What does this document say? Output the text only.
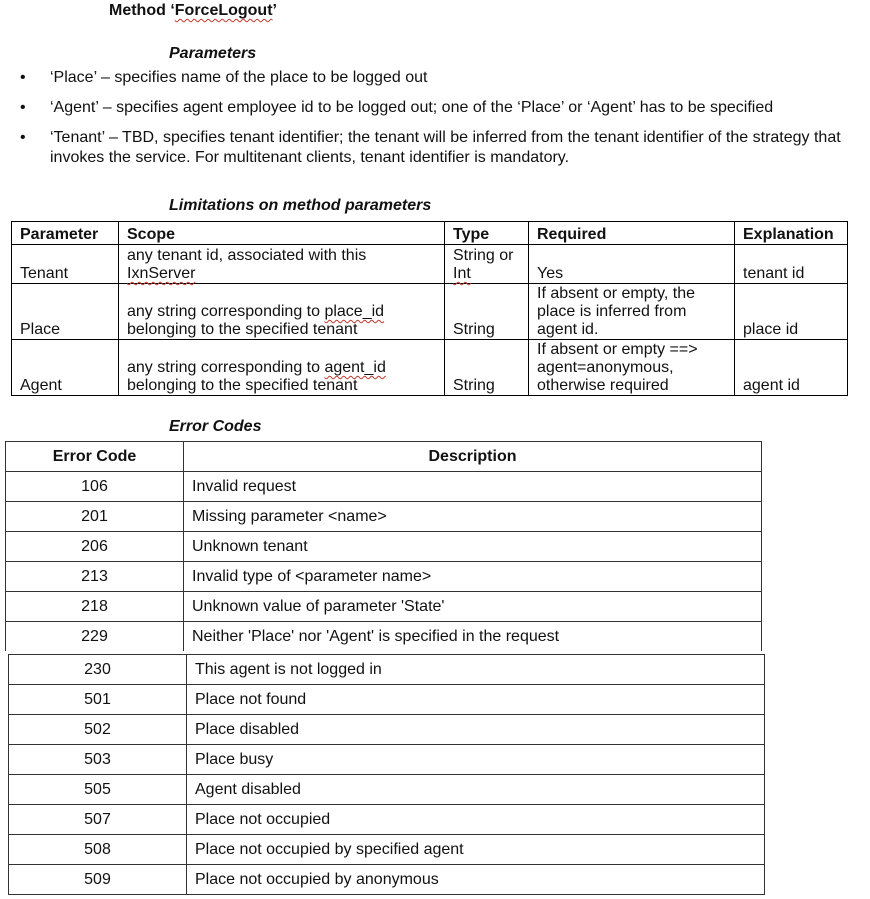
Method ‘ForceLogout’
Parameters
• ‘Place’ – specifies name of the place to be logged out
• ‘Agent’ – specifies agent employee id to be logged out; one of the ‘Place’ or ‘Agent’ has to be specified
• ‘Tenant’ – TBD, specifies tenant identifier; the tenant will be inferred from the tenant identifier of the strategy that invokes the service. For multitenant clients, tenant identifier is mandatory.
Limitations on method parameters
Parameter	Scope	Type	Required	Explanation
Tenant	any tenant id, associated with this IxnServer	String or Int	Yes	tenant id
Place	any string corresponding to place_id belonging to the specified tenant	String	If absent or empty, the place is inferred from agent id.	place id
Agent	any string corresponding to agent_id belonging to the specified tenant	String	If absent or empty ==> agent=anonymous, otherwise required	agent id
Error Codes
Error Code	Description
106	Invalid request
201	Missing parameter <name>
206	Unknown tenant
213	Invalid type of <parameter name>
218	Unknown value of parameter 'State'
229	Neither 'Place' nor 'Agent' is specified in the request
230	This agent is not logged in
501	Place not found
502	Place disabled
503	Place busy
505	Agent disabled
507	Place not occupied
508	Place not occupied by specified agent
509	Place not occupied by anonymous
